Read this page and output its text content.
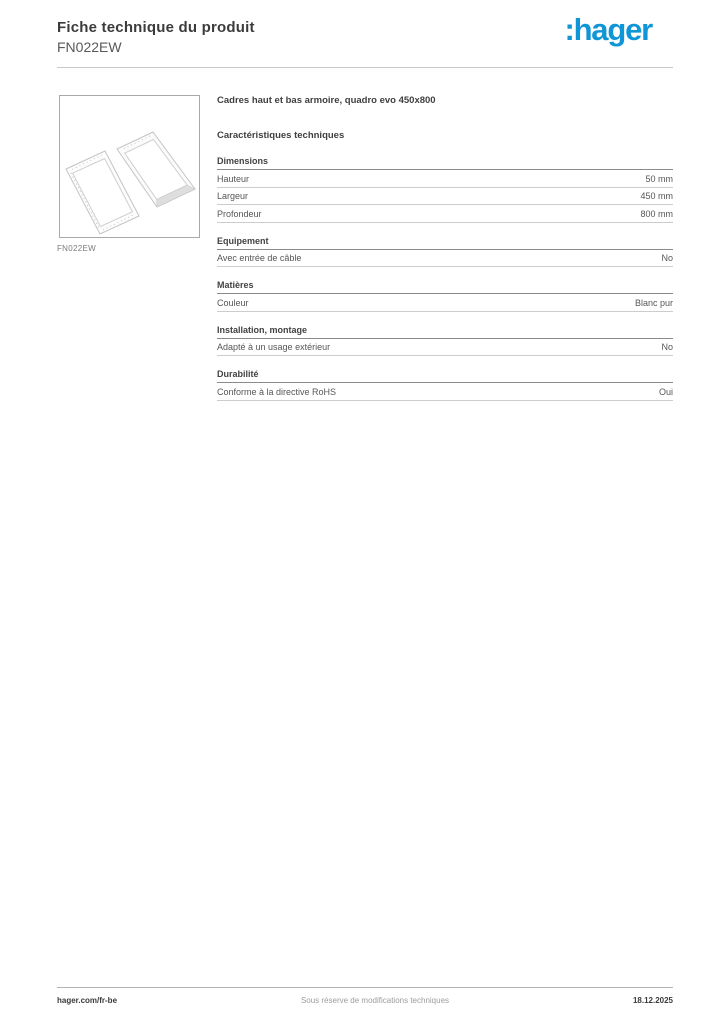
Fiche technique du produit
FN022EW	:hager
FN022EW
Cadres haut et bas armoire, quadro evo 450x800
Caractéristiques techniques
Dimensions
Hauteur	50 mm
Largeur	450 mm
Profondeur	800 mm
Equipement
Avec entrée de câble	No
Matières
Couleur	Blanc pur
Installation, montage
Adapté à un usage extérieur	No
Durabilité
Conforme à la directive RoHS	Oui
hager.com/fr-be	Sous réserve de modifications techniques	18.12.2025
